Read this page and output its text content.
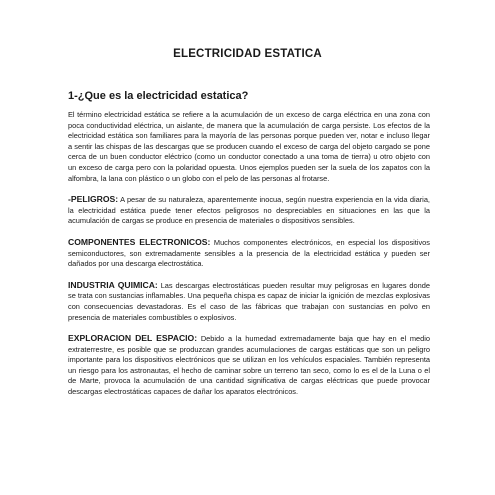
ELECTRICIDAD ESTATICA
1-¿Que es la electricidad estatica?

El término electricidad estática se refiere a la acumulación de un exceso de carga eléctrica en una zona con poca conductividad eléctrica, un aislante, de manera que la acumulación de carga persiste. Los efectos de la electricidad estática son familiares para la mayoría de las personas porque pueden ver, notar e incluso llegar a sentir las chispas de las descargas que se producen cuando el exceso de carga del objeto cargado se pone cerca de un buen conductor eléctrico (como un conductor conectado a una toma de tierra) u otro objeto con un exceso de carga pero con la polaridad opuesta. Unos ejemplos pueden ser la suela de los zapatos con la alfombra, la lana con plástico o un globo con el pelo de las personas al frotarse.

-PELIGROS: A pesar de su naturaleza, aparentemente inocua, según nuestra experiencia en la vida diaria, la electricidad estática puede tener efectos peligrosos no despreciables en situaciones en las que la acumulación de cargas se produce en presencia de materiales o dispositivos sensibles.

COMPONENTES ELECTRONICOS: Muchos componentes electrónicos, en especial los dispositivos semiconductores, son extremadamente sensibles a la presencia de la electricidad estática y pueden ser dañados por una descarga electrostática.

INDUSTRIA QUIMICA: Las descargas electrostáticas pueden resultar muy peligrosas en lugares donde se trata con sustancias inflamables. Una pequeña chispa es capaz de iniciar la ignición de mezclas explosivas con consecuencias devastadoras. Es el caso de las fábricas que trabajan con sustancias en polvo en presencia de materiales combustibles o explosivos.

EXPLORACION DEL ESPACIO: Debido a la humedad extremadamente baja que hay en el medio extraterrestre, es posible que se produzcan grandes acumulaciones de cargas estáticas que son un peligro importante para los dispositivos electrónicos que se utilizan en los vehículos espaciales. También representa un riesgo para los astronautas, el hecho de caminar sobre un terreno tan seco, como lo es el de la Luna o el de Marte, provoca la acumulación de una cantidad significativa de cargas eléctricas que puede provocar descargas electrostáticas capaces de dañar los aparatos electrónicos.
